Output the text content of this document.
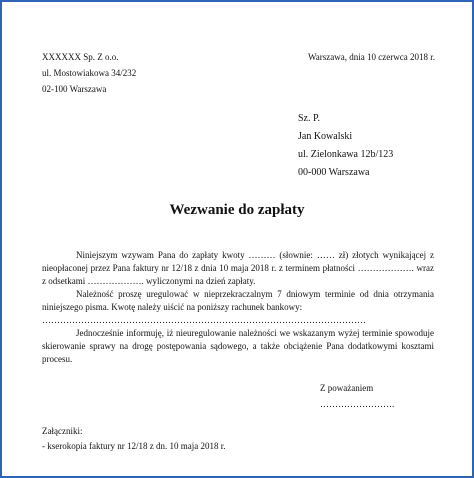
XXXXXX Sp. Z o.o.
ul. Mostowiakowa 34/232
02-100 Warszawa
Warszawa, dnia 10 czerwca 2018 r.
Sz. P.
Jan Kowalski
ul. Zielonkawa 12b/123
00-000 Warszawa
Wezwanie do zapłaty

Niniejszym wzywam Pana do zapłaty kwoty ……… (słownie: …… zł) złotych wynikającej z nieopłaconej przez Pana faktury nr 12/18 z dnia 10 maja 2018 r. z terminem płatności ………………. wraz z odsetkami ………………. wyliczonymi na dzień zapłaty.

Należność proszę uregulować w nieprzekraczalnym 7 dniowym terminie od dnia otrzymania niniejszego pisma. Kwotę należy uiścić na poniższy rachunek bankowy:

………………………………………………………………………………………………

Jednocześnie informuję, iż nieuregulowanie należności we wskazanym wyżej terminie spowoduje skierowanie sprawy na drogę postępowania sądowego, a także obciążenie Pana dodatkowymi kosztami procesu.

Z poważaniem
…………………….
Załączniki:
- kserokopia faktury nr 12/18 z dn. 10 maja 2018 r.
